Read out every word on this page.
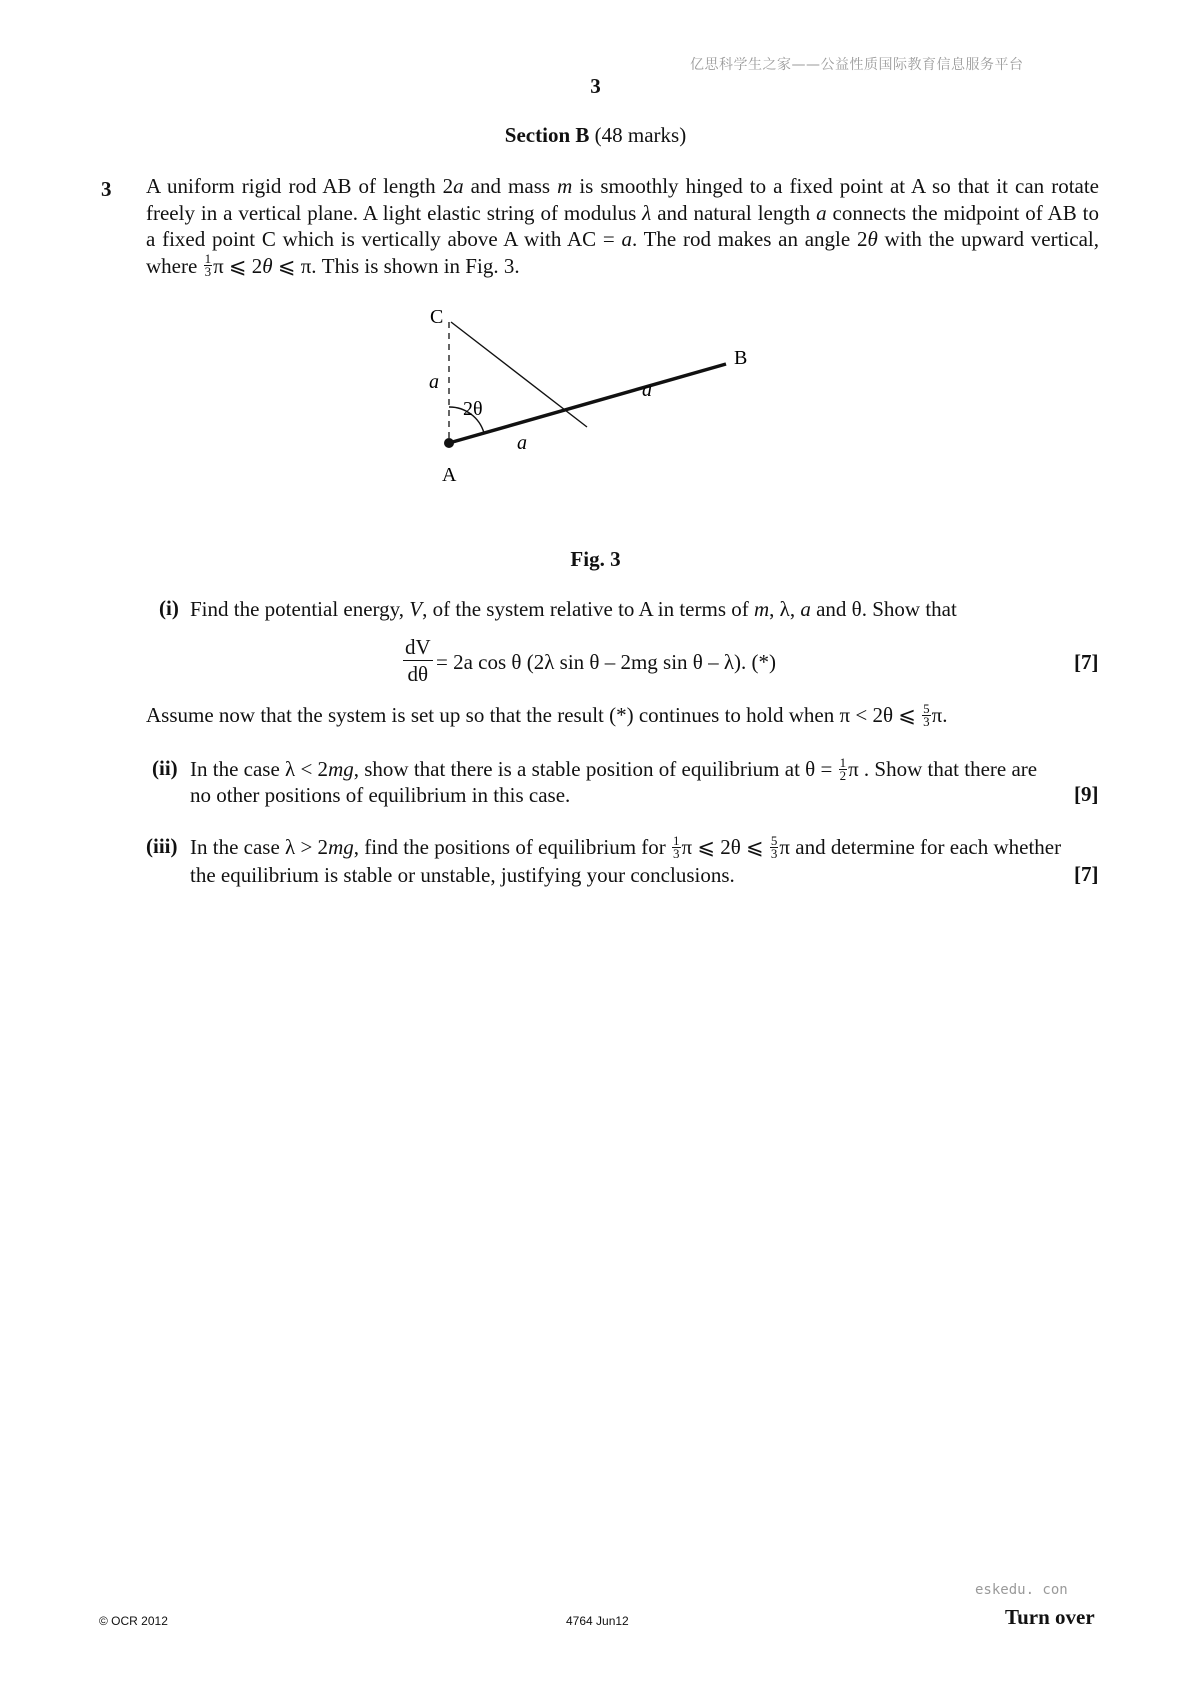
亿思科学生之家——公益性质国际教育信息服务平台
3
Section B (48 marks)
3 A uniform rigid rod AB of length 2a and mass m is smoothly hinged to a fixed point at A so that it can rotate freely in a vertical plane. A light elastic string of modulus λ and natural length a connects the midpoint of AB to a fixed point C which is vertically above A with AC = a. The rod makes an angle 2θ with the upward vertical, where $\frac{1}{3}$ π ⩽ 2θ ⩽ π. This is shown in Fig. 3.
C
B
A
a	a
a
2θ
Fig. 3
(i) Find the potential energy, V, of the system relative to A in terms of m, λ, a and θ. Show that
$\frac{dV}{d\theta} = 2a$ cos θ (2λ sin θ – 2mg sin θ – λ). (*)	[7]
Assume now that the system is set up so that the result (*) continues to hold when π < 2θ ⩽ $\frac{5}{3} \pi$.
(ii) In the case λ < 2mg, show that there is a stable position of equilibrium at $\theta = \frac{1}{2}$ π . Show that there are
no other positions of equilibrium in this case.	[9]
(iii) In the case λ > 2mg, find the positions of equilibrium for $\frac{1}{3}$ π ⩽ 2θ ⩽ $\frac{5}{3}$ π and determine for each whether
the equilibrium is stable or unstable, justifying your conclusions.	[7]
eskedu. con
© OCR 2012	4764 Jun12	Turn over
